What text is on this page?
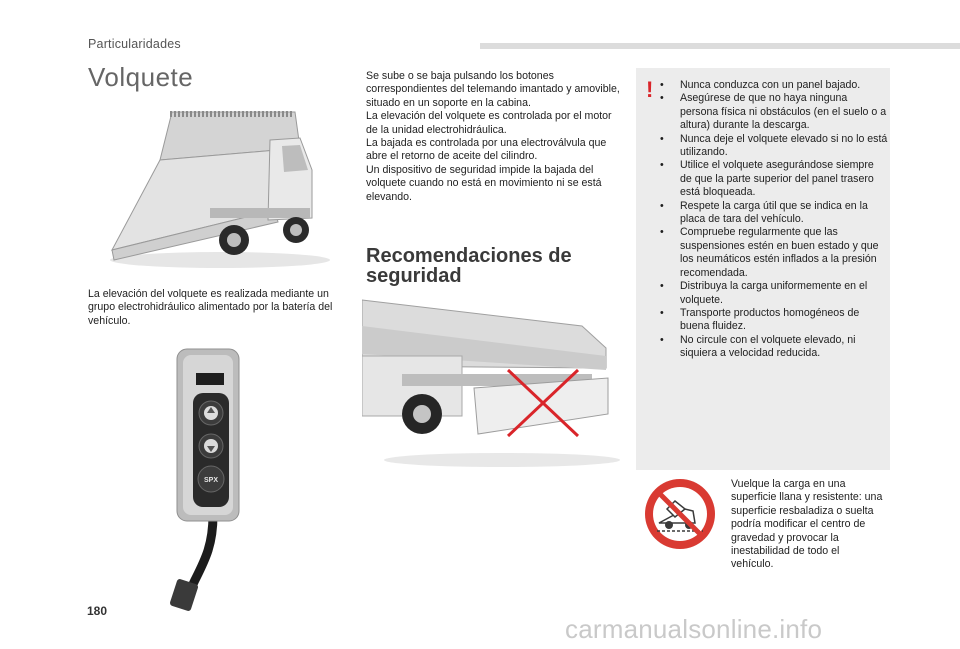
Particularidades
Volquete
La elevación del volquete es realizada mediante un grupo electrohidráulico alimentado por la batería del vehículo.
SPX
Se sube o se baja pulsando los botones correspondientes del telemando imantado y amovible, situado en un soporte en la cabina.
La elevación del volquete es controlada por el motor de la unidad electrohidráulica.
La bajada es controlada por una electroválvula que abre el retorno de aceite del cilindro.
Un dispositivo de seguridad impide la bajada del volquete cuando no está en movimiento ni se está elevando.
Recomendaciones de seguridad
!
•	Nunca conduzca con un panel bajado.
• Asegúrese de que no haya ninguna persona física ni obstáculos (en el suelo o a altura) durante la descarga.
• Nunca deje el volquete elevado si no lo está utilizando.
• Utilice el volquete asegurándose siempre de que la parte superior del panel trasero está bloqueada.
• Respete la carga útil que se indica en la placa de tara del vehículo.
• Compruebe regularmente que las suspensiones estén en buen estado y que los neumáticos estén inflados a la presión recomendada.
• Distribuya la carga uniformemente en el volquete.
• Transporte productos homogéneos de buena fluidez.
• No circule con el volquete elevado, ni siquiera a velocidad reducida.
Vuelque la carga en una superficie llana y resistente: una superficie resbaladiza o suelta podría modificar el centro de gravedad y provocar la inestabilidad de todo el vehículo.
180
carmanualsonline.info
